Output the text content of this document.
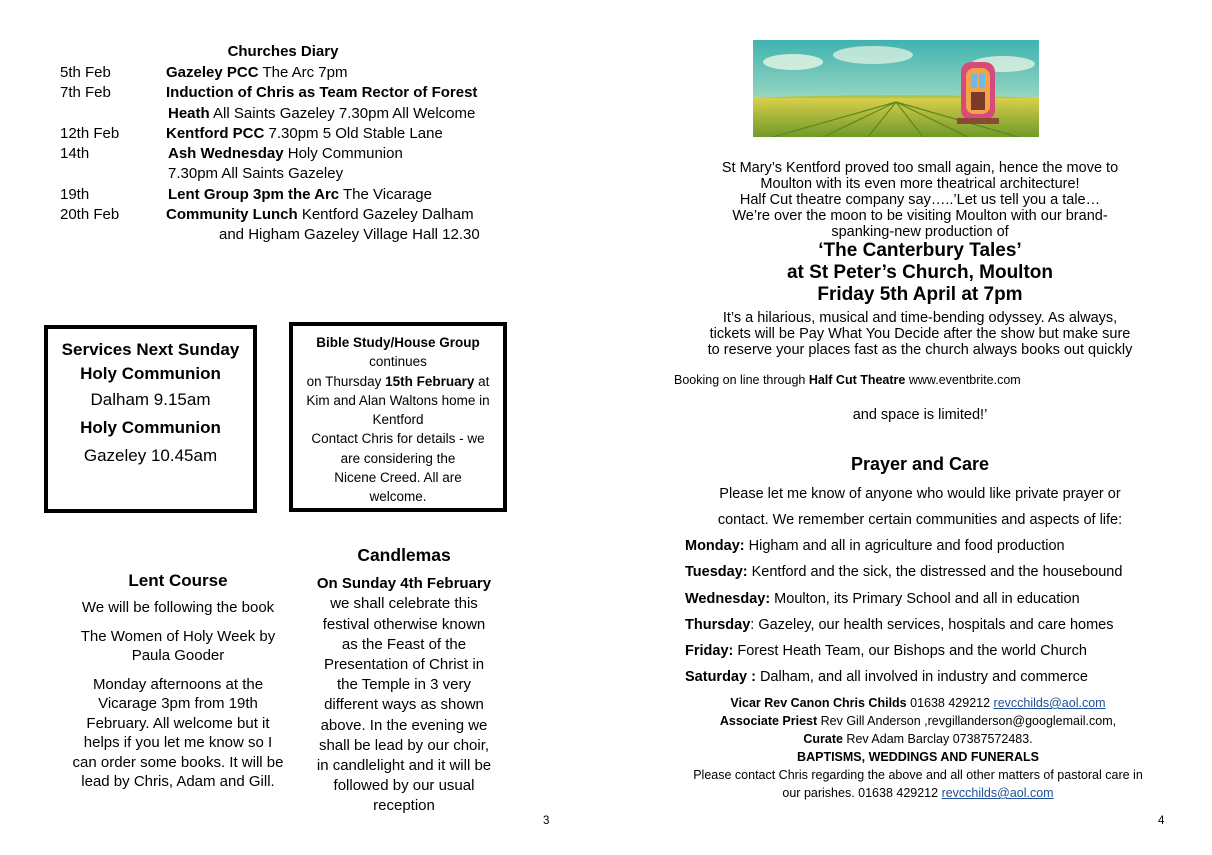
Churches Diary
5th Feb	Gazeley PCC The Arc 7pm
7th Feb	Induction of Chris as Team Rector of Forest
Heath All Saints Gazeley 7.30pm All Welcome
12th Feb	Kentford PCC 7.30pm 5 Old Stable Lane
14th	Ash Wednesday Holy Communion
7.30pm All Saints Gazeley
19th	Lent Group 3pm the Arc The Vicarage
20th Feb	Community Lunch Kentford Gazeley Dalham
and Higham Gazeley Village Hall 12.30
Services Next Sunday
Holy Communion
Dalham 9.15am
Holy Communion
Gazeley 10.45am
Bible Study/House Group
continues
on Thursday 15th February at
Kim and Alan Waltons home in
Kentford
Contact Chris for details - we
are considering the
Nicene Creed. All are
welcome.
Lent Course

We will be following the book

The Women of Holy Week by
Paula Gooder

Monday afternoons at the
Vicarage 3pm from 19th
February. All welcome but it
helps if you let me know so I
can order some books. It will be
lead by Chris, Adam and Gill.

Candlemas
On Sunday 4th February
we shall celebrate this
festival otherwise known
as the Feast of the
Presentation of Christ in
the Temple in 3 very
different ways as shown
above. In the evening we
shall be lead by our choir,
in candlelight and it will be
followed by our usual
reception
3
St Mary’s Kentford proved too small again, hence the move to
Moulton with its even more theatrical architecture!
Half Cut theatre company say…..’Let us tell you a tale…
We’re over the moon to be visiting Moulton with our brand-
spanking-new production of
‘The Canterbury Tales’
at St Peter’s Church, Moulton
Friday 5th April at 7pm
It’s a hilarious, musical and time-bending odyssey. As always,
tickets will be Pay What You Decide after the show but make sure
to reserve your places fast as the church always books out quickly
Booking on line through Half Cut Theatre www.eventbrite.com
and space is limited!’
Prayer and Care
Please let me know of anyone who would like private prayer or
contact. We remember certain communities and aspects of life:
Monday: Higham and all in agriculture and food production
Tuesday: Kentford and the sick, the distressed and the housebound
Wednesday: Moulton, its Primary School and all in education
Thursday: Gazeley, our health services, hospitals and care homes
Friday: Forest Heath Team, our Bishops and the world Church
Saturday : Dalham, and all involved in industry and commerce
Vicar Rev Canon Chris Childs 01638 429212 revcchilds@aol.com
Associate Priest Rev Gill Anderson ,revgillanderson@googlemail.com,
Curate Rev Adam Barclay 07387572483.
BAPTISMS, WEDDINGS AND FUNERALS
Please contact Chris regarding the above and all other matters of pastoral care in
our parishes. 01638 429212 revcchilds@aol.com
4
